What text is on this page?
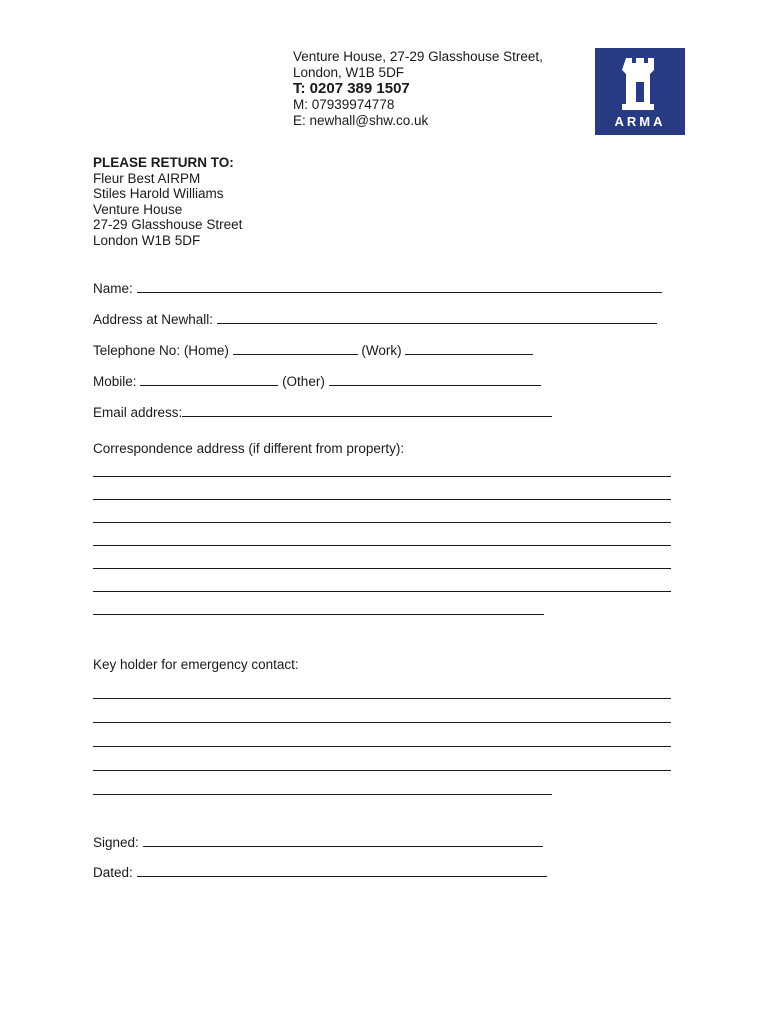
Venture House, 27-29 Glasshouse Street,
London, W1B 5DF
T: 0207 389 1507
M: 07939974778
E: newhall@shw.co.uk	ARMA
PLEASE RETURN TO:
Fleur Best AIRPM
Stiles Harold Williams
Venture House
27-29 Glasshouse Street
London W1B 5DF
Name:
Address at Newhall:
Telephone No: (Home)	(Work)
Mobile:	(Other)
Email address:
Correspondence address (if different from property):
Key holder for emergency contact:
Signed:
Dated:
